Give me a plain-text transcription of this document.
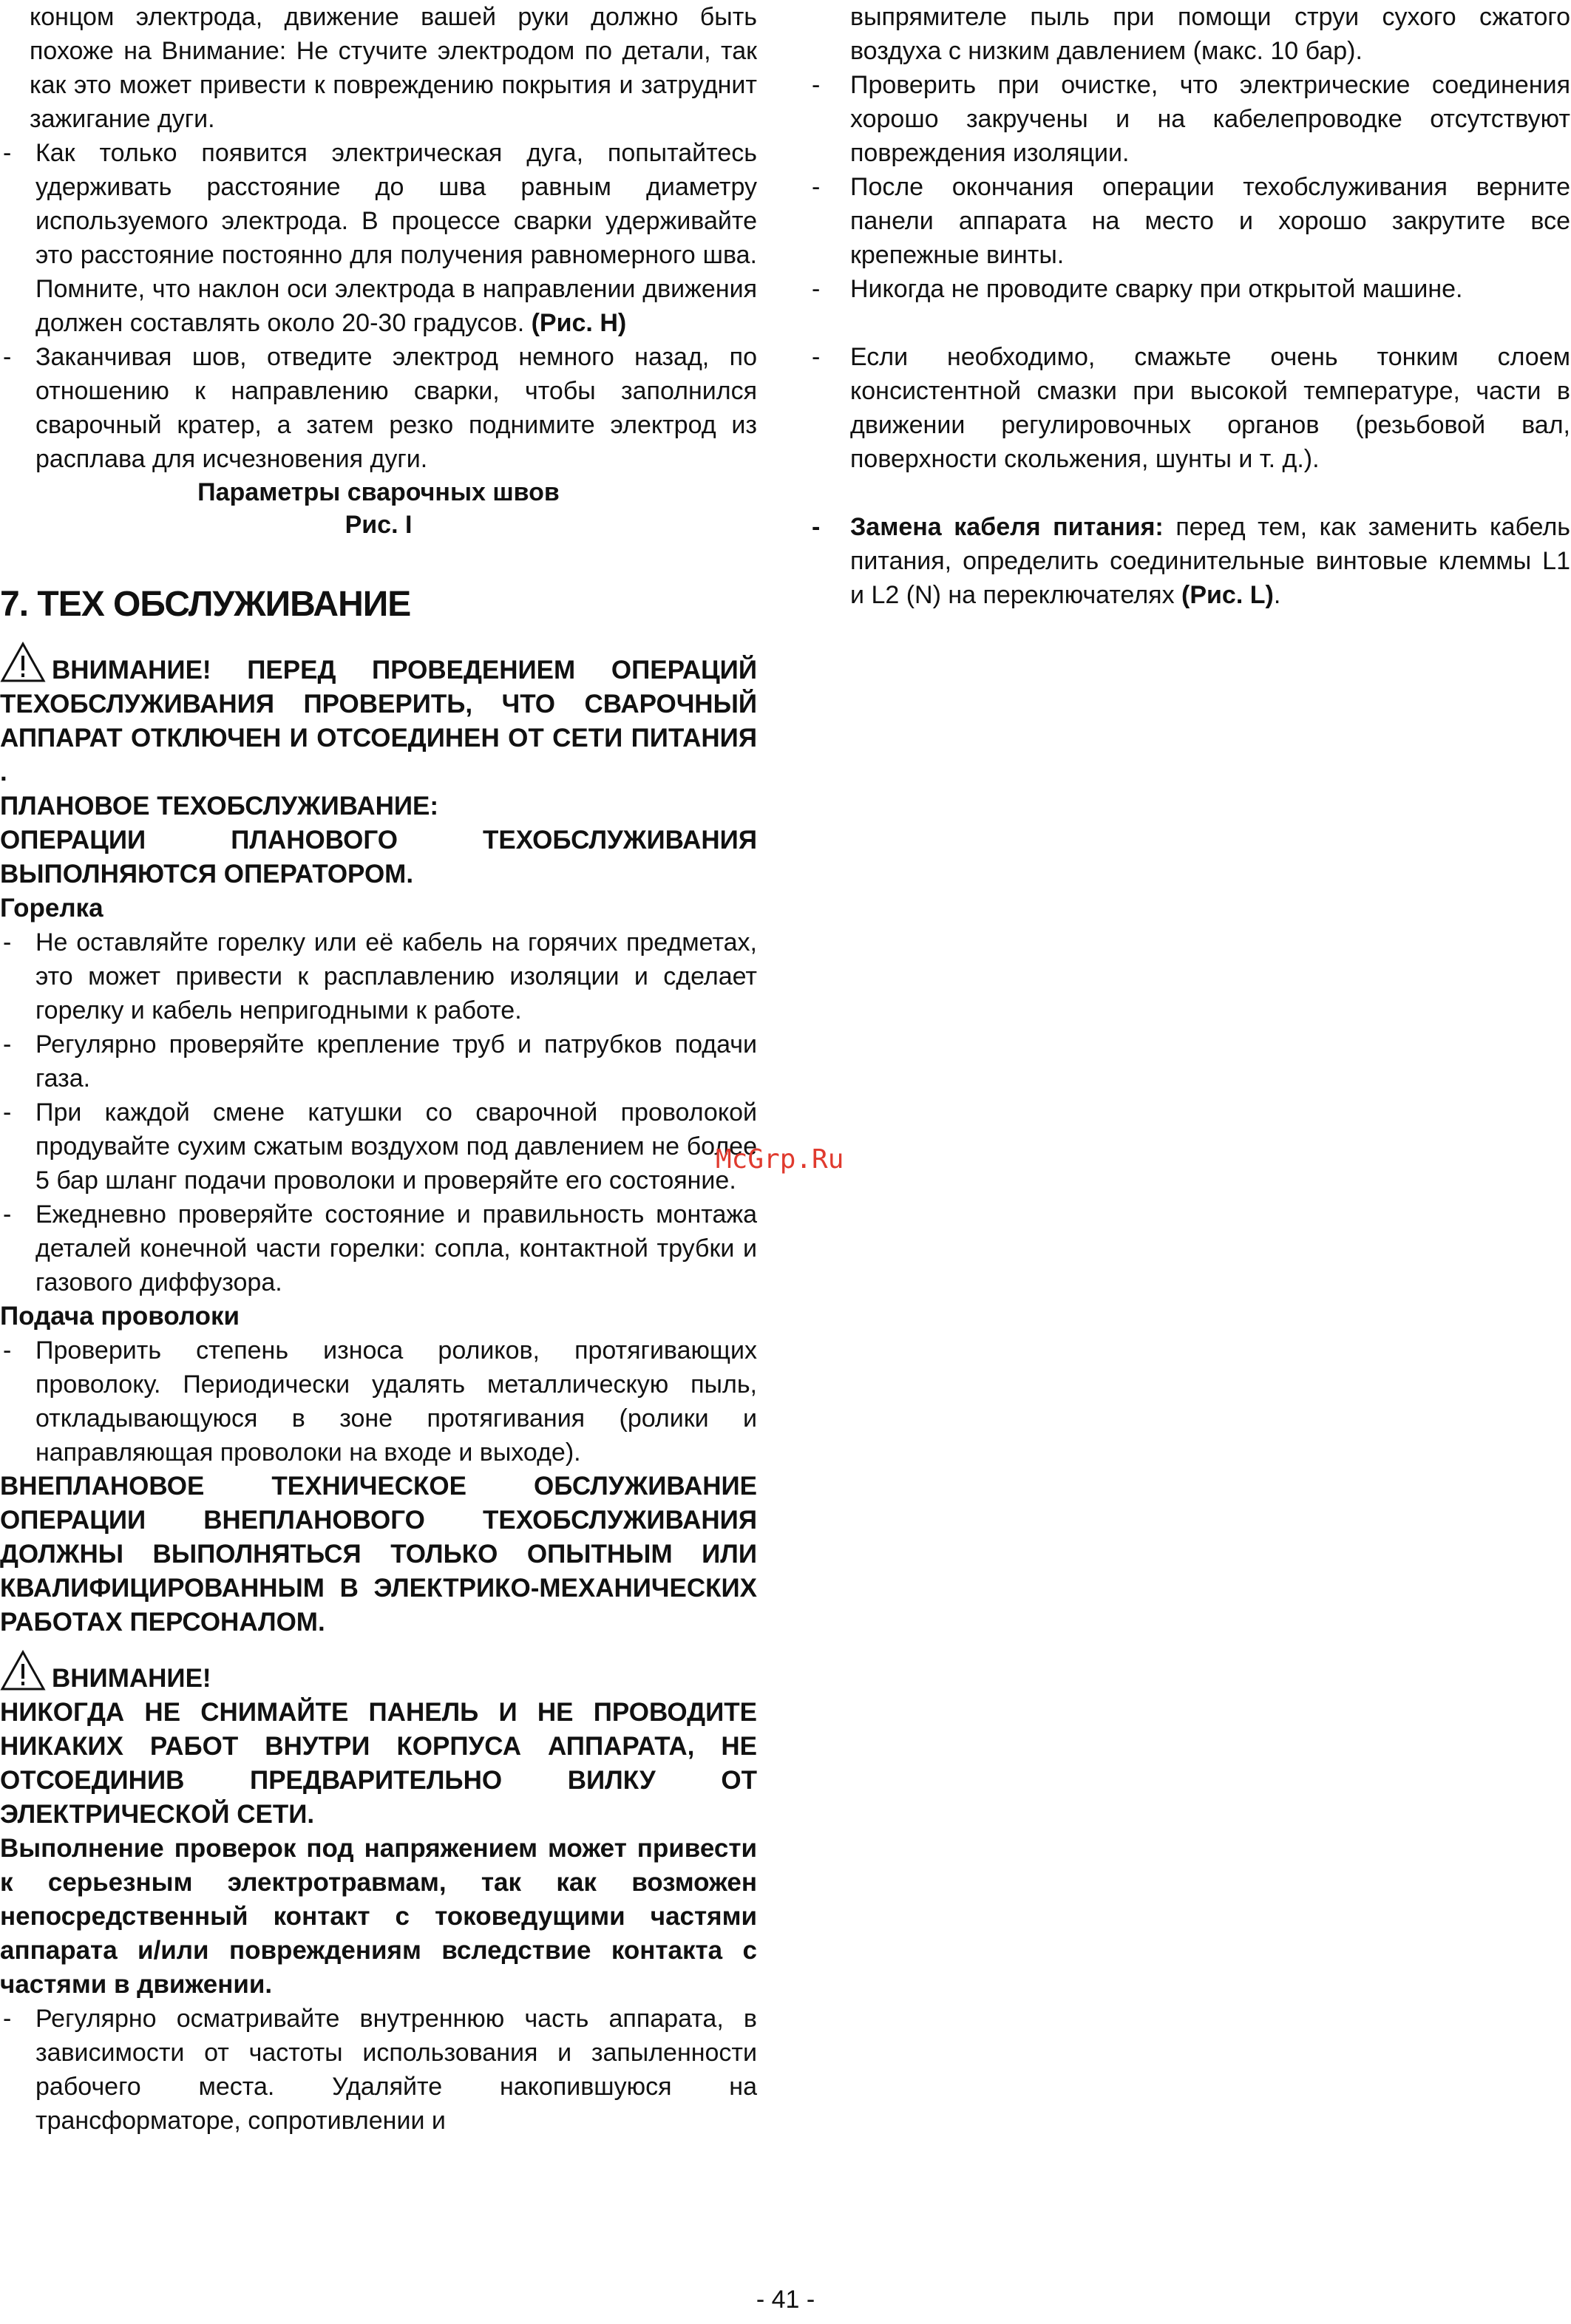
концом электрода, движение вашей руки должно быть похоже на Внимание: Не стучите электродом по детали, так как это может привести к повреждению покрытия и затруднит зажигание дуги.

- Как только появится электрическая дуга, попытайтесь удерживать расстояние до шва равным диаметру используемого электрода. В процессе сварки удерживайте это расстояние постоянно для получения равномерного шва. Помните, что наклон оси электрода в направлении движения должен составлять около 20-30 градусов. (Рис. H)
- Заканчивая шов, отведите электрод немного назад, по отношению к направлению сварки, чтобы заполнился сварочный кратер, а затем резко поднимите электрод из расплава для исчезновения дуги.

Параметры сварочных швов

Рис. I

7. ТЕХ ОБСЛУЖИВАНИЕ

ВНИМАНИЕ! ПЕРЕД ПРОВЕДЕНИЕМ ОПЕРАЦИЙ ТЕХОБСЛУЖИВАНИЯ ПРОВЕРИТЬ, ЧТО СВАРОЧНЫЙ АППАРАТ ОТКЛЮЧЕН И ОТСОЕДИНЕН ОТ СЕТИ ПИТАНИЯ .

ПЛАНОВОЕ ТЕХОБСЛУЖИВАНИЕ:

ОПЕРАЦИИ ПЛАНОВОГО ТЕХОБСЛУЖИВАНИЯ ВЫПОЛНЯЮТСЯ ОПЕРАТОРОМ.

Горелка

- Не оставляйте горелку или её кабель на горячих предметах, это может привести к расплавлению изоляции и сделает горелку и кабель непригодными к работе.
- Регулярно проверяйте крепление труб и патрубков подачи газа.
- При каждой смене катушки со сварочной проволокой продувайте сухим сжатым воздухом под давлением не более 5 бар шланг подачи проволоки и проверяйте его состояние.
- Ежедневно проверяйте состояние и правильность монтажа деталей конечной части горелки: сопла, контактной трубки и газового диффузора.

Подача проволоки

- Проверить степень износа роликов, протягивающих проволоку. Периодически удалять металлическую пыль, откладывающуюся в зоне протягивания (ролики и направляющая проволоки на входе и выходе).

ВНЕПЛАНОВОЕ ТЕХНИЧЕСКОЕ ОБСЛУЖИВАНИЕ ОПЕРАЦИИ ВНЕПЛАНОВОГО ТЕХОБСЛУЖИВАНИЯ ДОЛЖНЫ ВЫПОЛНЯТЬСЯ ТОЛЬКО ОПЫТНЫМ ИЛИ КВАЛИФИЦИРОВАННЫМ В ЭЛЕКТРИКО-МЕХАНИЧЕСКИХ РАБОТАХ ПЕРСОНАЛОМ.

ВНИМАНИЕ!

НИКОГДА НЕ СНИМАЙТЕ ПАНЕЛЬ И НЕ ПРОВОДИТЕ НИКАКИХ РАБОТ ВНУТРИ КОРПУСА АППАРАТА, НЕ ОТСОЕДИНИВ ПРЕДВАРИТЕЛЬНО ВИЛКУ ОТ ЭЛЕКТРИЧЕСКОЙ СЕТИ.

Выполнение проверок под напряжением может привести к серьезным электротравмам, так как возможен непосредственный контакт с токоведущими частями аппарата и/или повреждениям вследствие контакта с частями в движении.

- Регулярно осматривайте внутреннюю часть аппарата, в зависимости от частоты использования и запыленности рабочего места. Удаляйте накопившуюся на трансформаторе, сопротивлении и

выпрямителе пыль при помощи струи сухого сжатого воздуха с низким давлением (макс. 10 бар).

- Проверить при очистке, что электрические соединения хорошо закручены и на кабелепроводке отсутствуют повреждения изоляции.
- После окончания операции техобслуживания верните панели аппарата на место и хорошо закрутите все крепежные винты.
- Никогда не проводите сварку при открытой машине.
- Если необходимо, смажьте очень тонким слоем консистентной смазки при высокой температуре, части в движении регулировочных органов (резьбовой вал, поверхности скольжения, шунты и т. д.).
- Замена кабеля питания: перед тем, как заменить кабель питания, определить соединительные винтовые клеммы L1 и L2 (N) на переключателях (Рис. L).
McGrp.Ru
- 41 -
